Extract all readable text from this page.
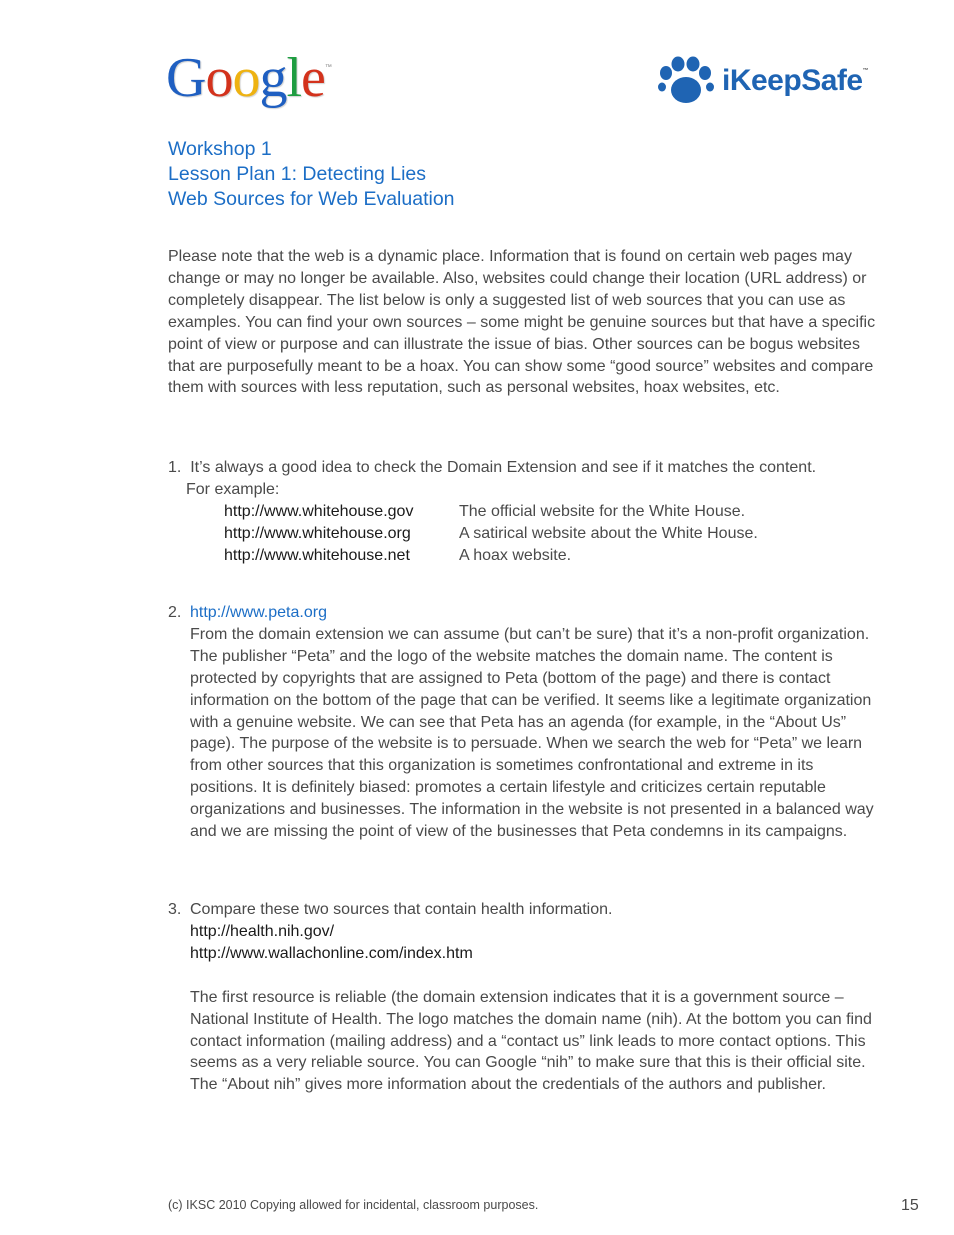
Google™	iKeepSafe™
Workshop 1
Lesson Plan 1: Detecting Lies
Web Sources for Web Evaluation
Please note that the web is a dynamic place. Information that is found on certain web pages may change or may no longer be available. Also, websites could change their location (URL address) or completely disappear. The list below is only a suggested list of web sources that you can use as examples. You can find your own sources – some might be genuine sources but that have a specific point of view or purpose and can illustrate the issue of bias. Other sources can be bogus websites that are purposefully meant to be a hoax. You can show some “good source” websites and compare them with sources with less reputation, such as personal websites, hoax websites, etc.
1. It’s always a good idea to check the Domain Extension and see if it matches the content.
For example:
http://www.whitehouse.gov	The official website for the White House.
http://www.whitehouse.org	A satirical website about the White House.
http://www.whitehouse.net	A hoax website.
2. http://www.peta.org
From the domain extension we can assume (but can’t be sure) that it’s a non-profit organization. The publisher “Peta” and the logo of the website matches the domain name. The content is protected by copyrights that are assigned to Peta (bottom of the page) and there is contact information on the bottom of the page that can be verified. It seems like a legitimate organization with a genuine website. We can see that Peta has an agenda (for example, in the “About Us” page). The purpose of the website is to persuade. When we search the web for “Peta” we learn from other sources that this organization is sometimes confrontational and extreme in its positions. It is definitely biased: promotes a certain lifestyle and criticizes certain reputable organizations and businesses. The information in the website is not presented in a balanced way and we are missing the point of view of the businesses that Peta condemns in its campaigns.
3. Compare these two sources that contain health information.
http://health.nih.gov/
http://www.wallachonline.com/index.htm
The first resource is reliable (the domain extension indicates that it is a government source – National Institute of Health. The logo matches the domain name (nih). At the bottom you can find contact information (mailing address) and a “contact us” link leads to more contact options. This seems as a very reliable source. You can Google “nih” to make sure that this is their official site. The “About nih” gives more information about the credentials of the authors and publisher.
(c) IKSC 2010 Copying allowed for incidental, classroom purposes.	15
